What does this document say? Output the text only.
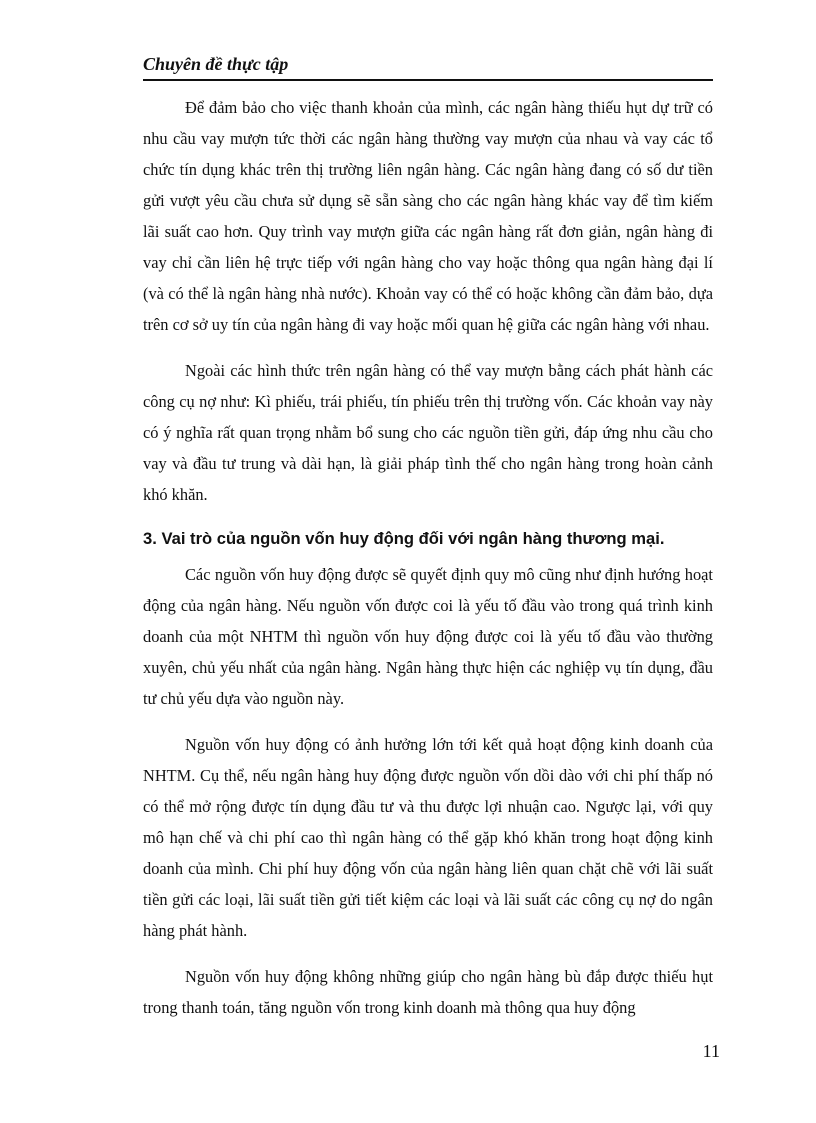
Chuyên đề thực tập

Để đảm bảo cho việc thanh khoản của mình, các ngân hàng thiếu hụt dự trữ có nhu cầu vay mượn tức thời các ngân hàng thường vay mượn của nhau và vay các tổ chức tín dụng khác trên thị trường liên ngân hàng. Các ngân hàng đang có số dư tiền gửi vượt yêu cầu chưa sử dụng sẽ sẵn sàng cho các ngân hàng khác vay để tìm kiếm lãi suất cao hơn. Quy trình vay mượn giữa các ngân hàng rất đơn giản, ngân hàng đi vay chỉ cần liên hệ trực tiếp với ngân hàng cho vay hoặc thông qua ngân hàng đại lí (và có thể là ngân hàng nhà nước). Khoản vay có thể có hoặc không cần đảm bảo, dựa trên cơ sở uy tín của ngân hàng đi vay hoặc mối quan hệ giữa các ngân hàng với nhau.

Ngoài các hình thức trên ngân hàng có thể vay mượn bằng cách phát hành các công cụ nợ như: Kì phiếu, trái phiếu, tín phiếu trên thị trường vốn. Các khoản vay này có ý nghĩa rất quan trọng nhằm bổ sung cho các nguồn tiền gửi, đáp ứng nhu cầu cho vay và đầu tư trung và dài hạn, là giải pháp tình thế cho ngân hàng trong hoàn cảnh khó khăn.

3. Vai trò của nguồn vốn huy động đối với ngân hàng thương mại.

Các nguồn vốn huy động được sẽ quyết định quy mô cũng như định hướng hoạt động của ngân hàng. Nếu nguồn vốn được coi là yếu tố đầu vào trong quá trình kinh doanh của một NHTM thì nguồn vốn huy động được coi là yếu tố đầu vào thường xuyên, chủ yếu nhất của ngân hàng. Ngân hàng thực hiện các nghiệp vụ tín dụng, đầu tư chủ yếu dựa vào nguồn này.

Nguồn vốn huy động có ảnh hưởng lớn tới kết quả hoạt động kinh doanh của NHTM. Cụ thể, nếu ngân hàng huy động được nguồn vốn dồi dào với chi phí thấp nó có thể mở rộng được tín dụng đầu tư và thu được lợi nhuận cao. Ngược lại, với quy mô hạn chế và chi phí cao thì ngân hàng có thể gặp khó khăn trong hoạt động kinh doanh của mình. Chi phí huy động vốn của ngân hàng liên quan chặt chẽ với lãi suất tiền gửi các loại, lãi suất tiền gửi tiết kiệm các loại và lãi suất các công cụ nợ do ngân hàng phát hành.

Nguồn vốn huy động không những giúp cho ngân hàng bù đắp được thiếu hụt trong thanh toán, tăng nguồn vốn trong kinh doanh mà thông qua huy động

11
